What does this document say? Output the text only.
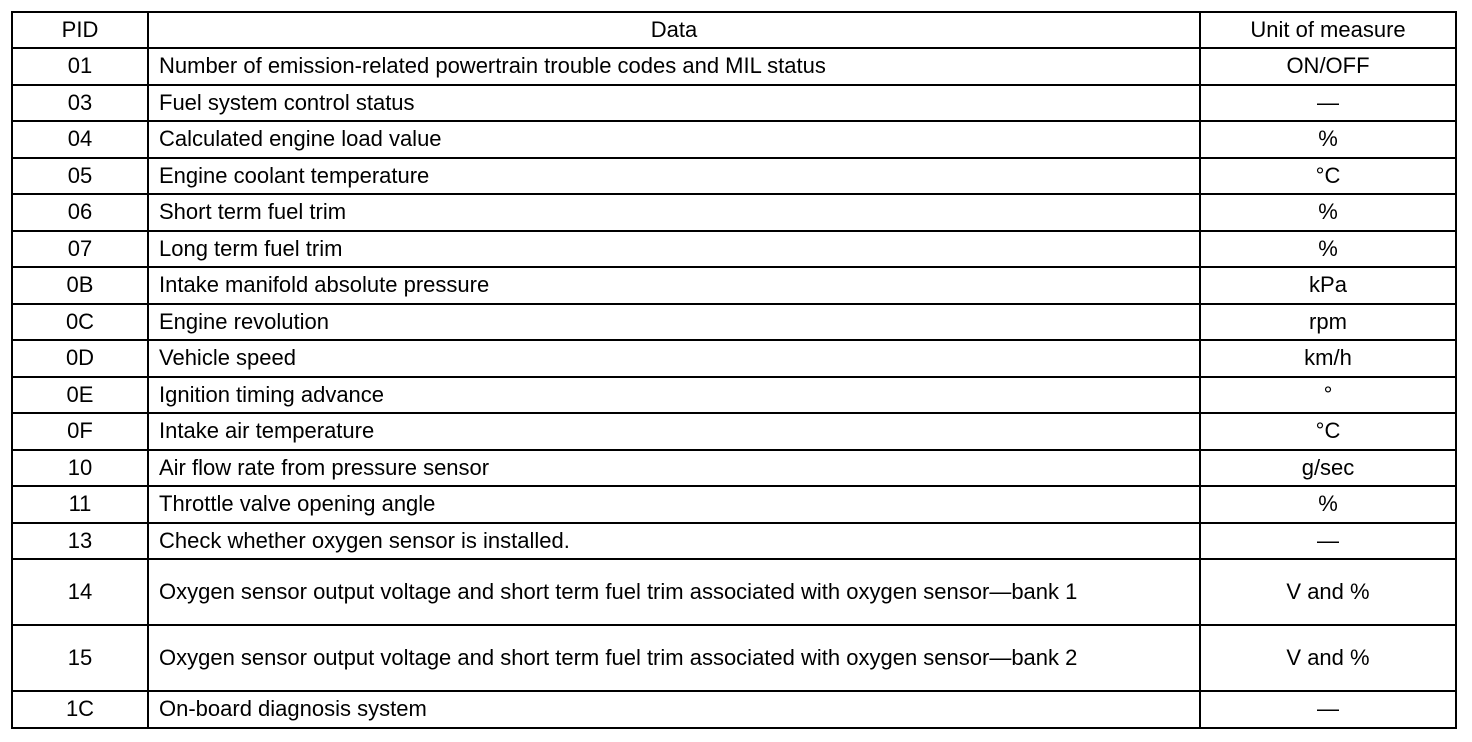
PID	Data	Unit of measure
01	Number of emission-related powertrain trouble codes and MIL status	ON/OFF
03	Fuel system control status	—
04	Calculated engine load value	%
05	Engine coolant temperature	°C
06	Short term fuel trim	%
07	Long term fuel trim	%
0B	Intake manifold absolute pressure	kPa
0C	Engine revolution	rpm
0D	Vehicle speed	km/h
0E	Ignition timing advance	°
0F	Intake air temperature	°C
10	Air flow rate from pressure sensor	g/sec
11	Throttle valve opening angle	%
13	Check whether oxygen sensor is installed.	—
14	Oxygen sensor output voltage and short term fuel trim associated with oxygen sensor—bank 1	V and %
15	Oxygen sensor output voltage and short term fuel trim associated with oxygen sensor—bank 2	V and %
1C	On-board diagnosis system	—
